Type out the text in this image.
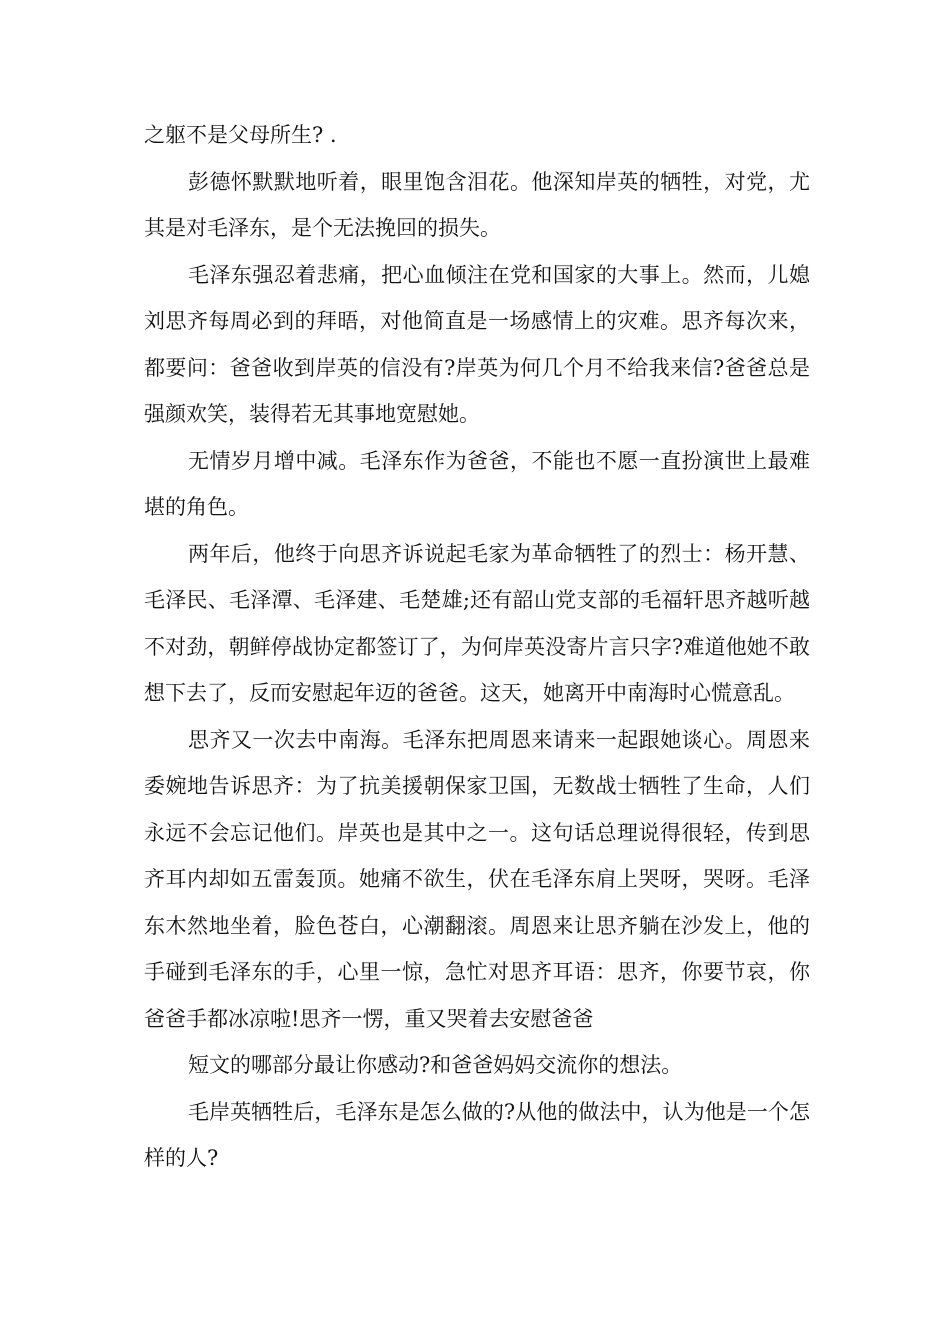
之躯不是父母所生? .

彭德怀默默地听着，眼里饱含泪花。他深知岸英的牺牲，对党，尤其是对毛泽东，是个无法挽回的损失。

毛泽东强忍着悲痛，把心血倾注在党和国家的大事上。然而，儿媳刘思齐每周必到的拜晤，对他简直是一场感情上的灾难。思齐每次来，都要问：爸爸收到岸英的信没有?岸英为何几个月不给我来信?爸爸总是强颜欢笑，装得若无其事地宽慰她。

无情岁月增中减。毛泽东作为爸爸，不能也不愿一直扮演世上最难堪的角色。

两年后，他终于向思齐诉说起毛家为革命牺牲了的烈士：杨开慧、毛泽民、毛泽潭、毛泽建、毛楚雄;还有韶山党支部的毛福轩思齐越听越不对劲，朝鲜停战协定都签订了，为何岸英没寄片言只字?难道他她不敢想下去了，反而安慰起年迈的爸爸。这天，她离开中南海时心慌意乱。

思齐又一次去中南海。毛泽东把周恩来请来一起跟她谈心。周恩来委婉地告诉思齐：为了抗美援朝保家卫国，无数战士牺牲了生命，人们永远不会忘记他们。岸英也是其中之一。这句话总理说得很轻，传到思齐耳内却如五雷轰顶。她痛不欲生，伏在毛泽东肩上哭呀，哭呀。毛泽东木然地坐着，脸色苍白，心潮翻滚。周恩来让思齐躺在沙发上，他的手碰到毛泽东的手，心里一惊，急忙对思齐耳语：思齐，你要节哀，你爸爸手都冰凉啦!思齐一愣，重又哭着去安慰爸爸

短文的哪部分最让你感动?和爸爸妈妈交流你的想法。

毛岸英牺牲后，毛泽东是怎么做的?从他的做法中，认为他是一个怎样的人?
